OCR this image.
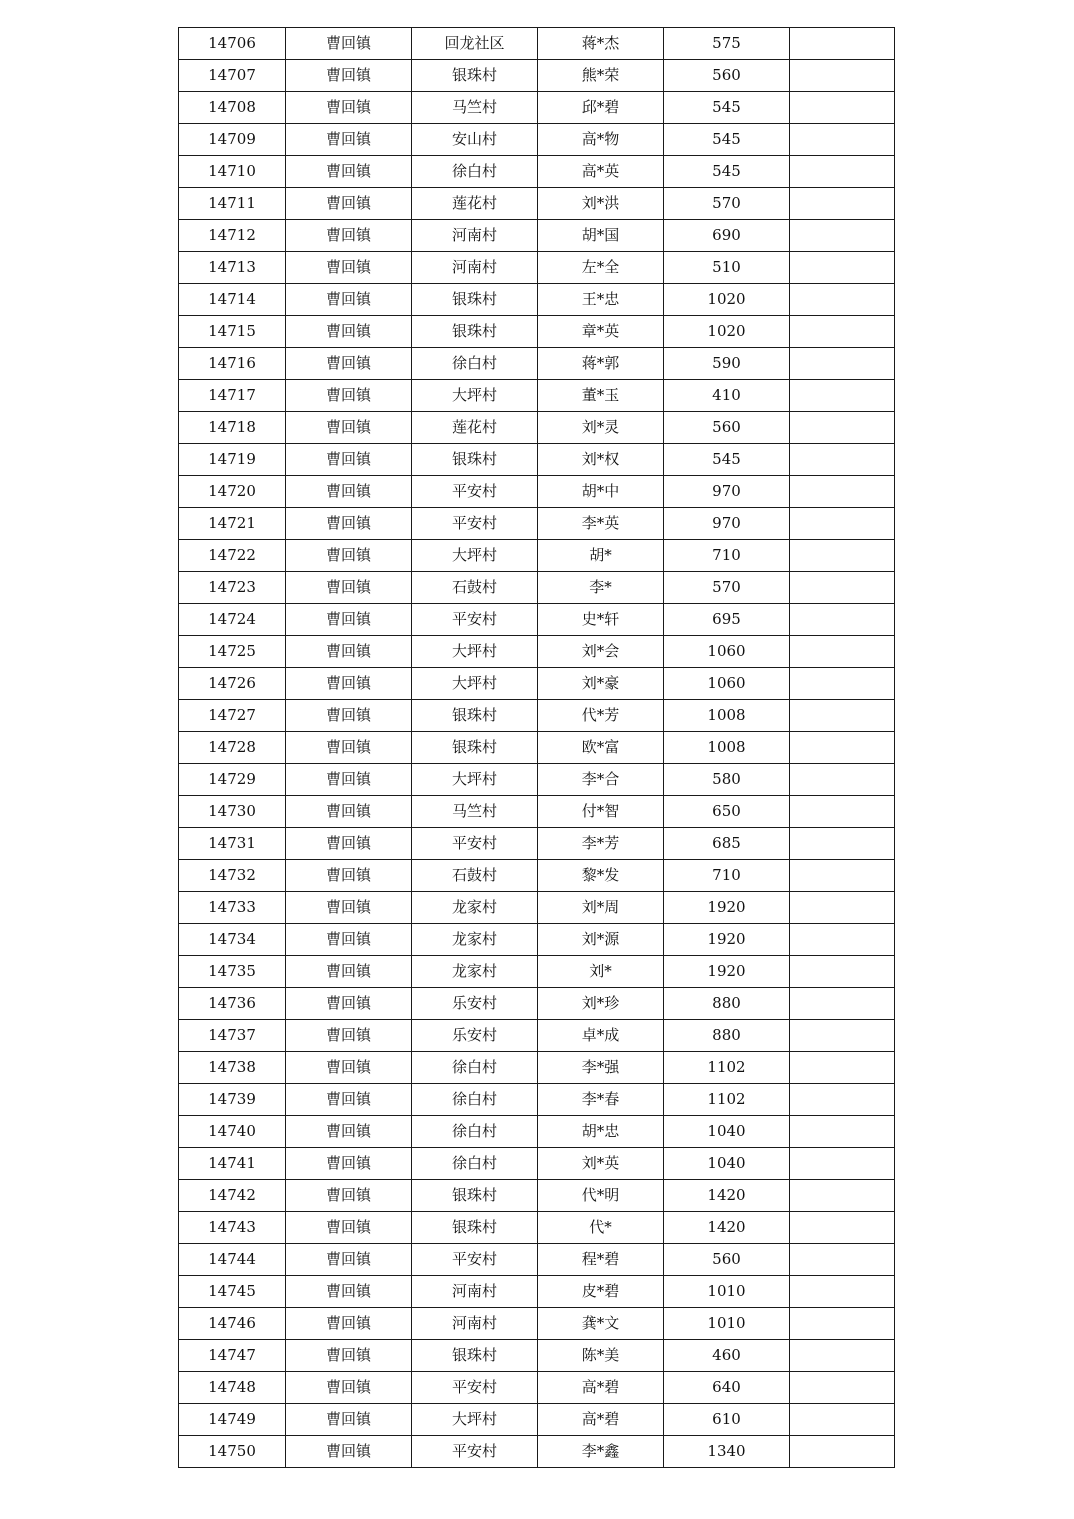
14706	曹回镇	回龙社区	蒋*杰	575	
14707	曹回镇	银珠村	熊*荣	560	
14708	曹回镇	马竺村	邱*碧	545	
14709	曹回镇	安山村	高*物	545	
14710	曹回镇	徐白村	高*英	545	
14711	曹回镇	莲花村	刘*洪	570	
14712	曹回镇	河南村	胡*国	690	
14713	曹回镇	河南村	左*全	510	
14714	曹回镇	银珠村	王*忠	1020	
14715	曹回镇	银珠村	章*英	1020	
14716	曹回镇	徐白村	蒋*郭	590	
14717	曹回镇	大坪村	董*玉	410	
14718	曹回镇	莲花村	刘*灵	560	
14719	曹回镇	银珠村	刘*权	545	
14720	曹回镇	平安村	胡*中	970	
14721	曹回镇	平安村	李*英	970	
14722	曹回镇	大坪村	胡*	710	
14723	曹回镇	石鼓村	李*	570	
14724	曹回镇	平安村	史*轩	695	
14725	曹回镇	大坪村	刘*会	1060	
14726	曹回镇	大坪村	刘*豪	1060	
14727	曹回镇	银珠村	代*芳	1008	
14728	曹回镇	银珠村	欧*富	1008	
14729	曹回镇	大坪村	李*合	580	
14730	曹回镇	马竺村	付*智	650	
14731	曹回镇	平安村	李*芳	685	
14732	曹回镇	石鼓村	黎*发	710	
14733	曹回镇	龙家村	刘*周	1920	
14734	曹回镇	龙家村	刘*源	1920	
14735	曹回镇	龙家村	刘*	1920	
14736	曹回镇	乐安村	刘*珍	880	
14737	曹回镇	乐安村	卓*成	880	
14738	曹回镇	徐白村	李*强	1102	
14739	曹回镇	徐白村	李*春	1102	
14740	曹回镇	徐白村	胡*忠	1040	
14741	曹回镇	徐白村	刘*英	1040	
14742	曹回镇	银珠村	代*明	1420	
14743	曹回镇	银珠村	代*	1420	
14744	曹回镇	平安村	程*碧	560	
14745	曹回镇	河南村	皮*碧	1010	
14746	曹回镇	河南村	龚*文	1010	
14747	曹回镇	银珠村	陈*美	460	
14748	曹回镇	平安村	高*碧	640	
14749	曹回镇	大坪村	高*碧	610	
14750	曹回镇	平安村	李*鑫	1340	
